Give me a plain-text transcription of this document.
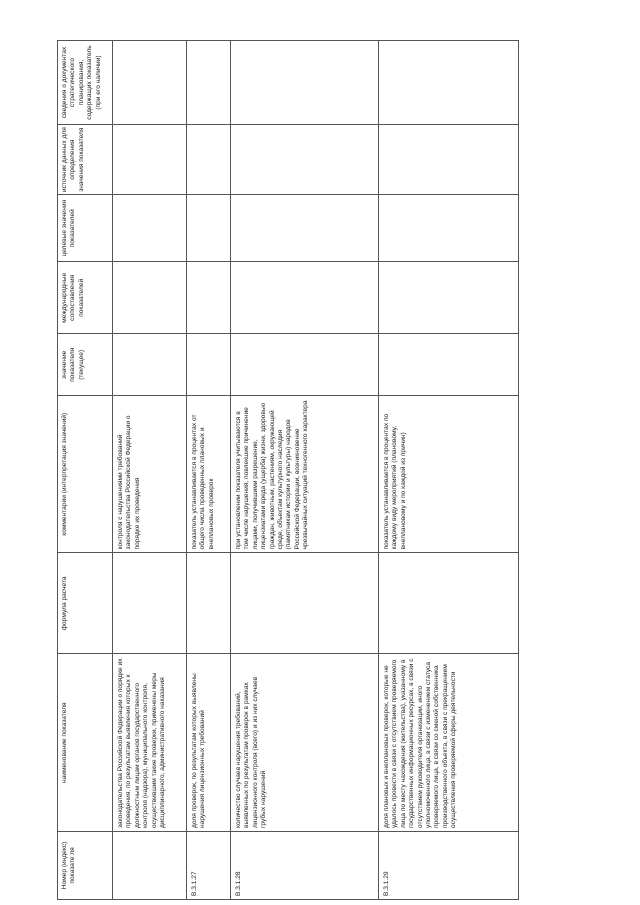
Номер (индекс) показате ля	наименование показателя	формула расчета	комментарии (интерпретация значений)	значение показателя (текущее)	международные сопоставления показателей	целевые значения показателей	источник данных для определения значения показателя	сведения о документах стратегического планирования, содержащих показатель (при его наличии)
	законодательства Российской Федерации о порядке их проведения, по результатам выявления которых к должностным лицам органов государственного контроля (надзора), муниципального контроля, осуществившим такие проверки, применены меры дисциплинарного, административного наказания		контроля с нарушениями требований законодательства Российской Федерации о порядке их проведения					
В.3.1.27	доля проверок, по результатам которых выявлены нарушения лицензионных требований		показатель устанавливается в процентах от общего числа проведенных плановых и внеплановых проверок					
В.3.1.28	количество случаев нарушения требований, выявленных по результатам проверок в рамках лицензионного контроля (всего) и из них случаев грубых нарушений		при установлении показателя учитываются в том числе нарушения, повлекшие причинение лицами, получившими разрешение, лицензиатами вреда (ущерба) жизни, здоровью граждан, животным, растениям, окружающей среде, объектам культурного наследия (памятникам истории и культуры) народов Российской Федерации, возникновение чрезвычайных ситуаций техногенного характера					
В.3.1.29	доля плановых и внеплановых проверок, которые не удалось провести в связи с отсутствием проверяемого лица по месту нахождения (жительства), указанному в государственных информационных ресурсах, в связи с отсутствием руководителя организации, иного уполномоченного лица, в связи с изменением статуса проверяемого лица, в связи со сменой собственника производственного объекта, в связи с прекращением осуществления проверяемой сферы деятельности		показатель устанавливается в процентах по каждому виду мероприятий (плановому, внеплановому и по каждой из причин)					
